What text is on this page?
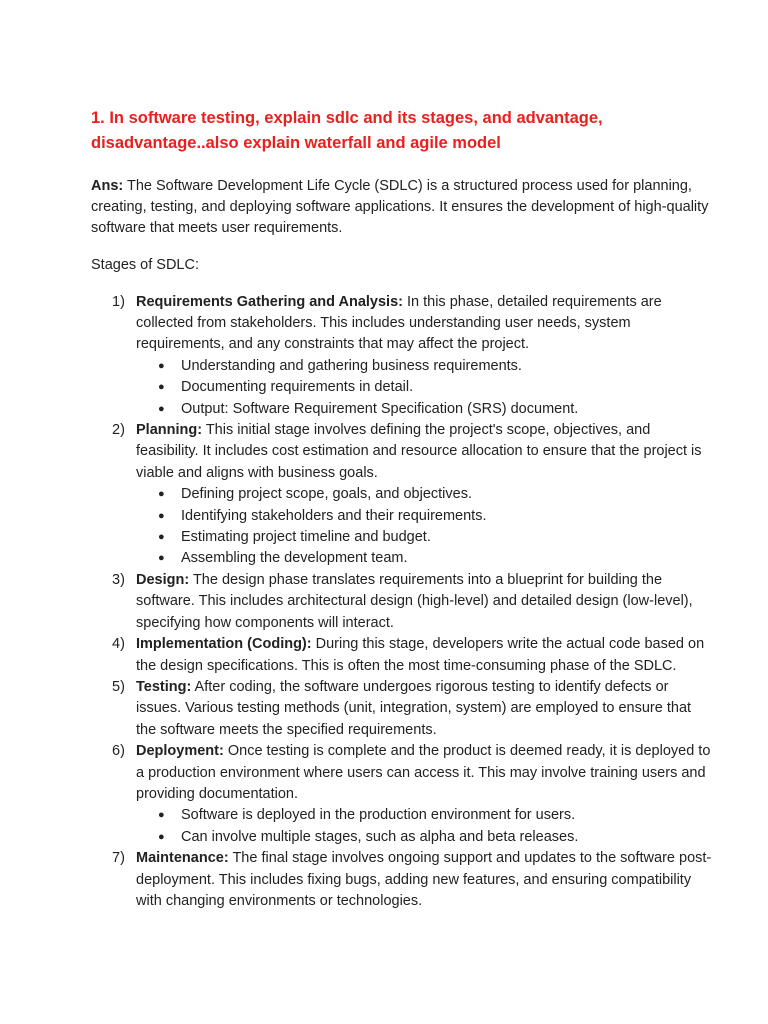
1. In software testing, explain sdlc and its stages, and advantage, disadvantage..also explain waterfall and agile model

Ans: The Software Development Life Cycle (SDLC) is a structured process used for planning, creating, testing, and deploying software applications. It ensures the development of high-quality software that meets user requirements.

Stages of SDLC:
1) Requirements Gathering and Analysis: In this phase, detailed requirements are collected from stakeholders. This includes understanding user needs, system requirements, and any constraints that may affect the project.
● Understanding and gathering business requirements.
● Documenting requirements in detail.
● Output: Software Requirement Specification (SRS) document.
2) Planning: This initial stage involves defining the project's scope, objectives, and feasibility. It includes cost estimation and resource allocation to ensure that the project is viable and aligns with business goals.
● Defining project scope, goals, and objectives.
● Identifying stakeholders and their requirements.
● Estimating project timeline and budget.
● Assembling the development team.
3) Design: The design phase translates requirements into a blueprint for building the software. This includes architectural design (high-level) and detailed design (low-level), specifying how components will interact.
4) Implementation (Coding): During this stage, developers write the actual code based on the design specifications. This is often the most time-consuming phase of the SDLC.
5) Testing: After coding, the software undergoes rigorous testing to identify defects or issues. Various testing methods (unit, integration, system) are employed to ensure that the software meets the specified requirements.
6) Deployment: Once testing is complete and the product is deemed ready, it is deployed to a production environment where users can access it. This may involve training users and providing documentation.
● Software is deployed in the production environment for users.
● Can involve multiple stages, such as alpha and beta releases.
7) Maintenance: The final stage involves ongoing support and updates to the software post-deployment. This includes fixing bugs, adding new features, and ensuring compatibility with changing environments or technologies.
